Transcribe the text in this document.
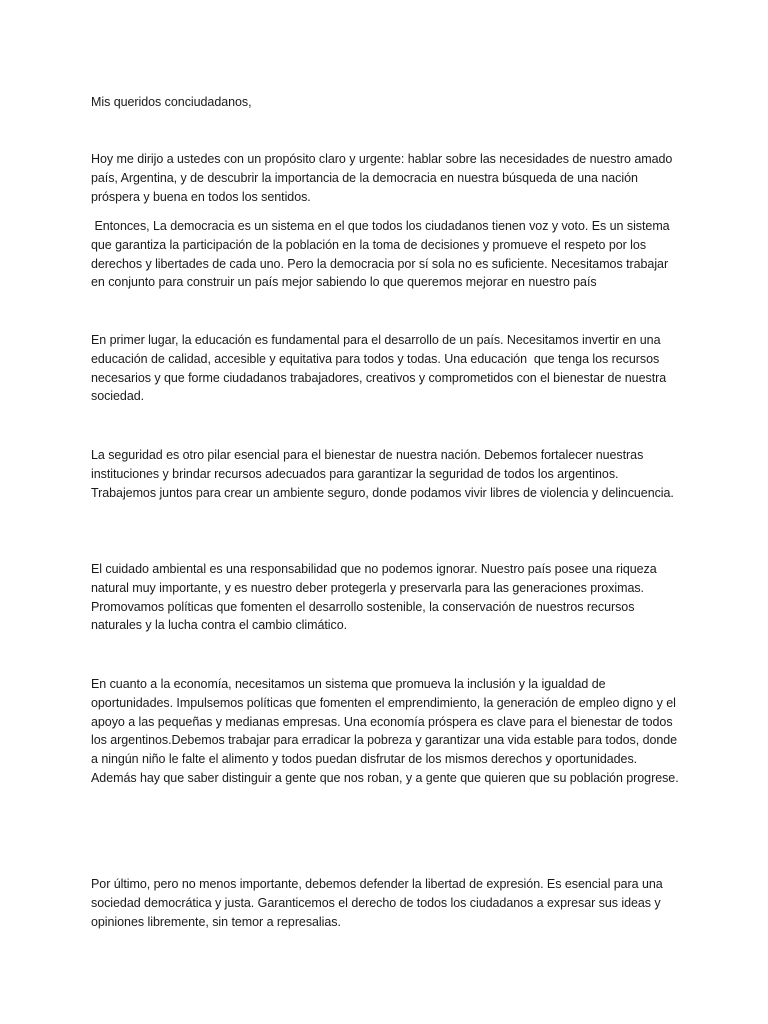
Mis queridos conciudadanos,

Hoy me dirijo a ustedes con un propósito claro y urgente: hablar sobre las necesidades de nuestro amado país, Argentina, y de descubrir la importancia de la democracia en nuestra búsqueda de una nación próspera y buena en todos los sentidos.

Entonces, La democracia es un sistema en el que todos los ciudadanos tienen voz y voto. Es un sistema que garantiza la participación de la población en la toma de decisiones y promueve el respeto por los derechos y libertades de cada uno. Pero la democracia por sí sola no es suficiente. Necesitamos trabajar en conjunto para construir un país mejor sabiendo lo que queremos mejorar en nuestro país

En primer lugar, la educación es fundamental para el desarrollo de un país. Necesitamos invertir en una educación de calidad, accesible y equitativa para todos y todas. Una educación  que tenga los recursos necesarios y que forme ciudadanos trabajadores, creativos y comprometidos con el bienestar de nuestra sociedad.

La seguridad es otro pilar esencial para el bienestar de nuestra nación. Debemos fortalecer nuestras instituciones y brindar recursos adecuados para garantizar la seguridad de todos los argentinos. Trabajemos juntos para crear un ambiente seguro, donde podamos vivir libres de violencia y delincuencia.

El cuidado ambiental es una responsabilidad que no podemos ignorar. Nuestro país posee una riqueza natural muy importante, y es nuestro deber protegerla y preservarla para las generaciones proximas. Promovamos políticas que fomenten el desarrollo sostenible, la conservación de nuestros recursos naturales y la lucha contra el cambio climático.

En cuanto a la economía, necesitamos un sistema que promueva la inclusión y la igualdad de oportunidades. Impulsemos políticas que fomenten el emprendimiento, la generación de empleo digno y el apoyo a las pequeñas y medianas empresas. Una economía próspera es clave para el bienestar de todos los argentinos.Debemos trabajar para erradicar la pobreza y garantizar una vida estable para todos, donde a ningún niño le falte el alimento y todos puedan disfrutar de los mismos derechos y oportunidades. Además hay que saber distinguir a gente que nos roban, y a gente que quieren que su población progrese.

Por último, pero no menos importante, debemos defender la libertad de expresión. Es esencial para una sociedad democrática y justa. Garanticemos el derecho de todos los ciudadanos a expresar sus ideas y opiniones libremente, sin temor a represalias.
